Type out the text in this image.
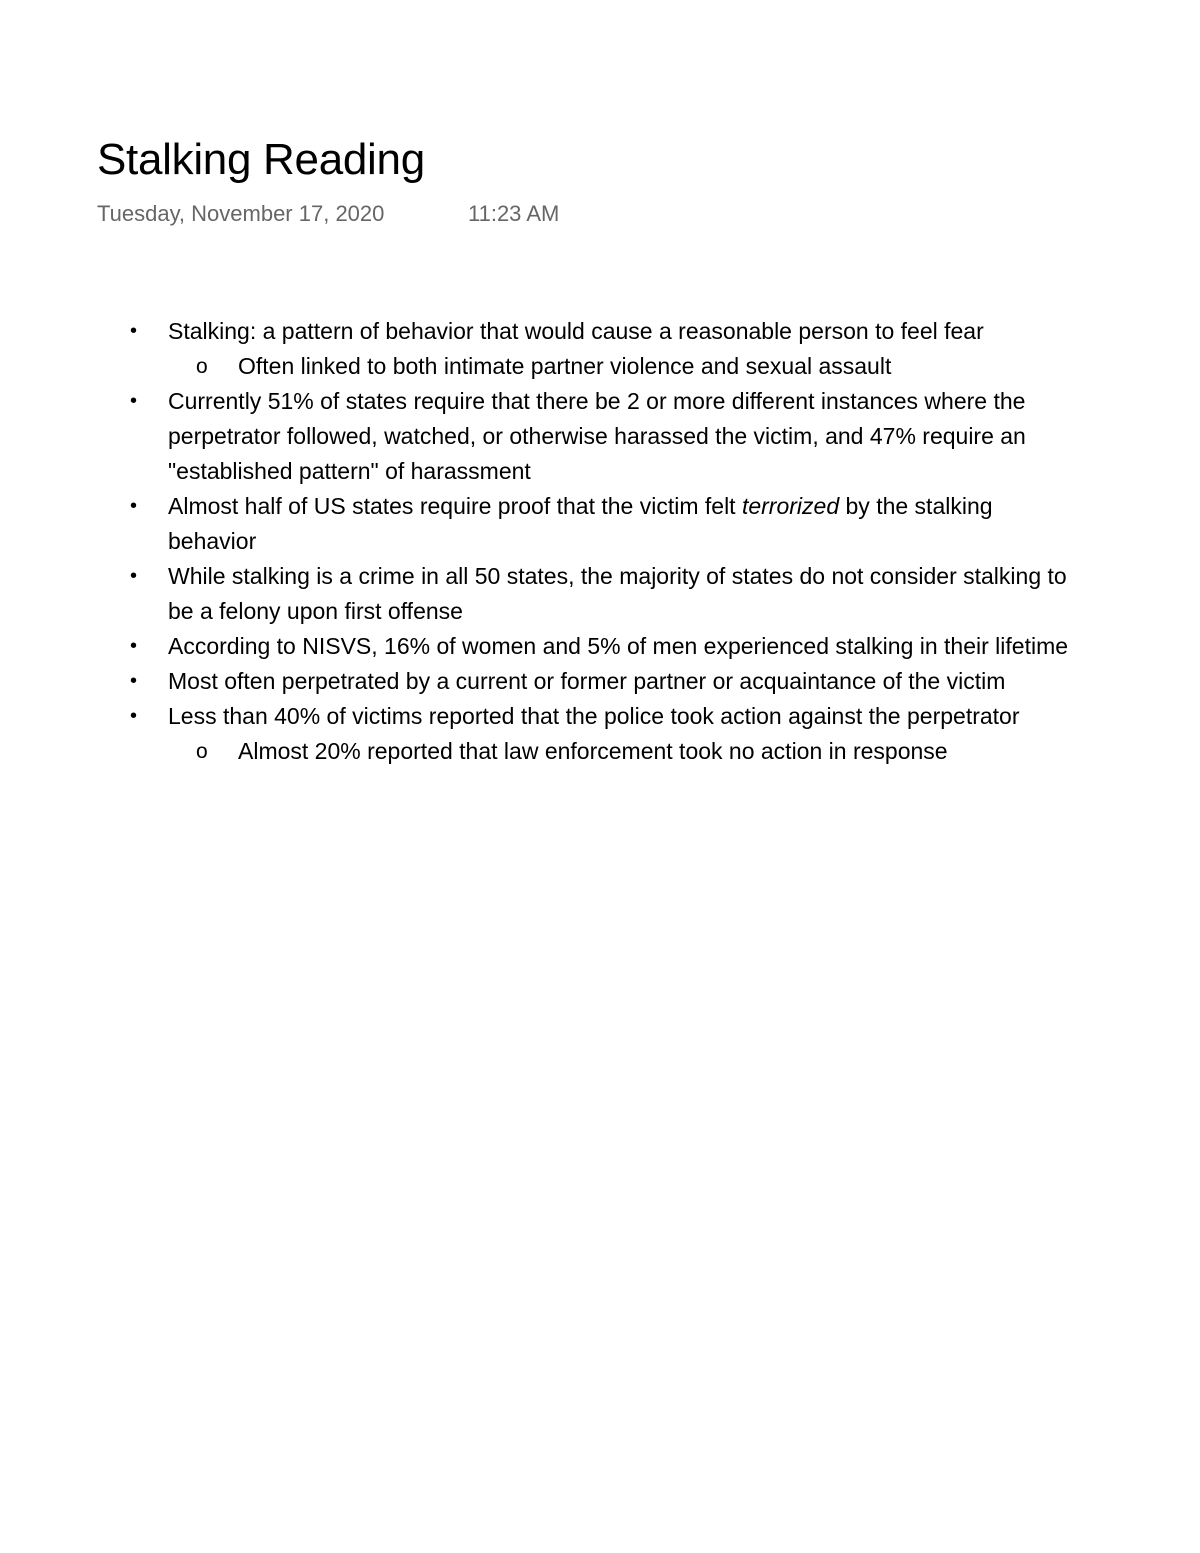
Stalking Reading
Tuesday, November 17, 2020	11:23 AM
•	Stalking: a pattern of behavior that would cause a reasonable person to feel fear
o	Often linked to both intimate partner violence and sexual assault
•	Currently 51% of states require that there be 2 or more different instances where the
perpetrator followed, watched, or otherwise harassed the victim, and 47% require an
"established pattern" of harassment
•	Almost half of US states require proof that the victim felt terrorized by the stalking
behavior
•	While stalking is a crime in all 50 states, the majority of states do not consider stalking to
be a felony upon first offense
•	According to NISVS, 16% of women and 5% of men experienced stalking in their lifetime
•	Most often perpetrated by a current or former partner or acquaintance of the victim
•	Less than 40% of victims reported that the police took action against the perpetrator
o	Almost 20% reported that law enforcement took no action in response
